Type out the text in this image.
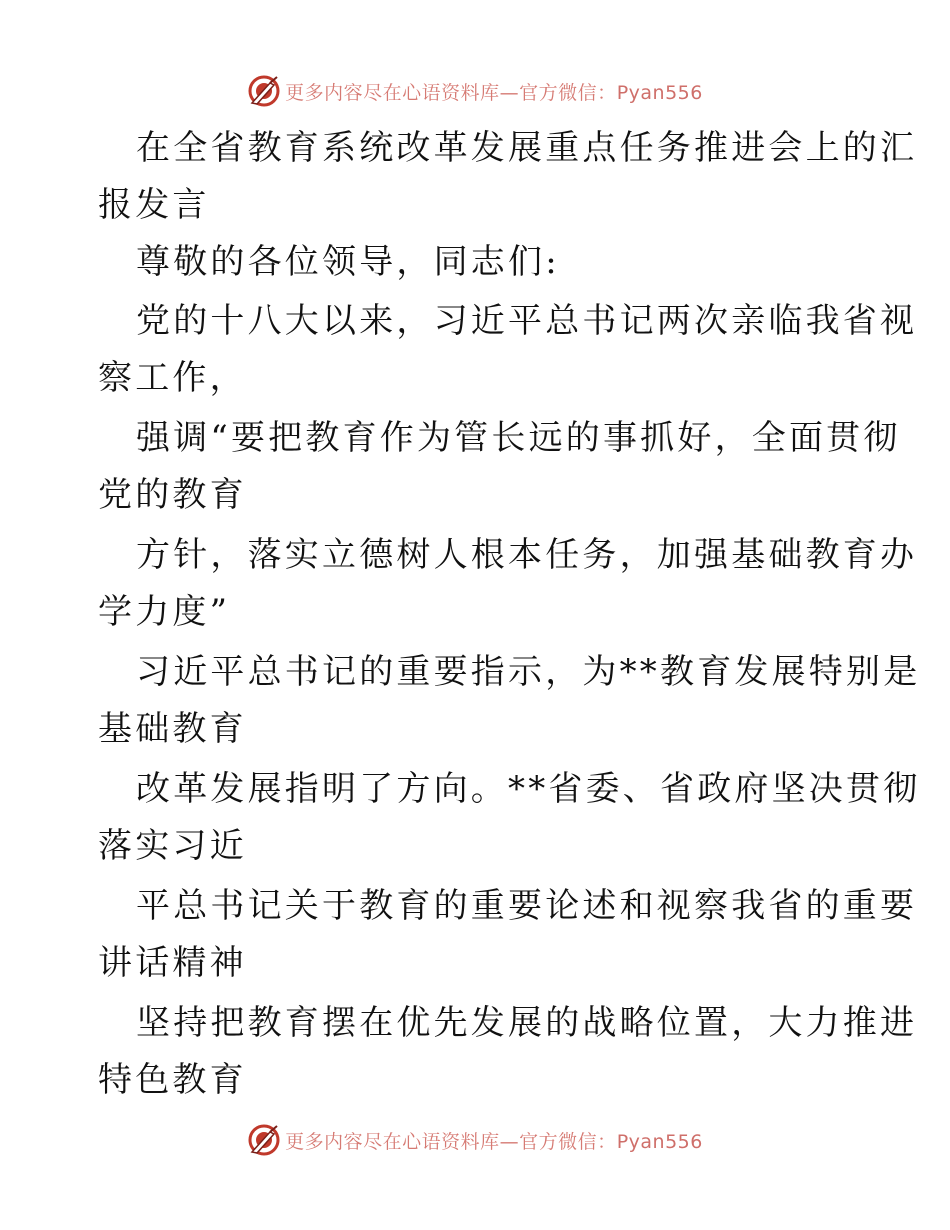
更多内容尽在心语资料库—官方微信：Pyan556
在全省教育系统改革发展重点任务推进会上的汇
报发言
尊敬的各位领导，同志们:
党的十八大以来，习近平总书记两次亲临我省视
察工作，
强调“要把教育作为管长远的事抓好，全面贯彻
党的教育
方针，落实立德树人根本任务，加强基础教育办
学力度”
习近平总书记的重要指示，为**教育发展特别是
基础教育
改革发展指明了方向。**省委、省政府坚决贯彻
落实习近
平总书记关于教育的重要论述和视察我省的重要
讲话精神
坚持把教育摆在优先发展的战略位置，大力推进
特色教育
更多内容尽在心语资料库—官方微信：Pyan556
